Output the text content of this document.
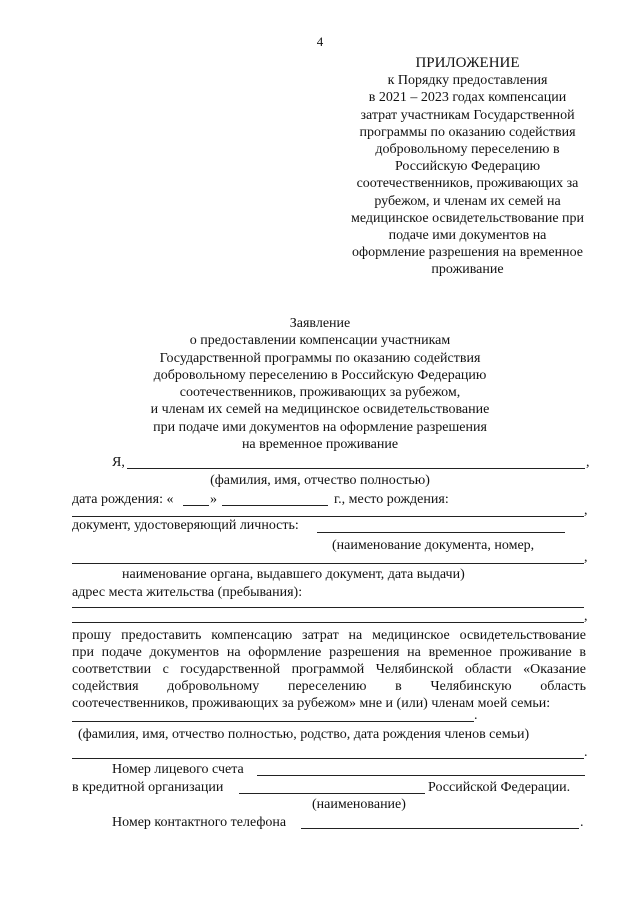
4
ПРИЛОЖЕНИЕ
к Порядку предоставления
в 2021 – 2023 годах компенсации
затрат участникам Государственной
программы по оказанию содействия
добровольному переселению в
Российскую Федерацию
соотечественников, проживающих за
рубежом, и членам их семей на
медицинское освидетельствование при
подаче ими документов на
оформление разрешения на временное
проживание
Заявление
о предоставлении компенсации участникам
Государственной программы по оказанию содействия
добровольному переселению в Российскую Федерацию
соотечественников, проживающих за рубежом,
и членам их семей на медицинское освидетельствование
при подаче ими документов на оформление разрешения
на временное проживание
Я,	,
(фамилия, имя, отчество полностью)
дата рождения: «	»	г., место рождения:
,
документ, удостоверяющий личность:
(наименование документа, номер,
,
наименование органа, выдавшего документ, дата выдачи)
адрес места жительства (пребывания):
,
прошу предоставить компенсацию затрат на медицинское освидетельствование
при подаче документов на оформление разрешения на временное проживание в
соответствии с государственной программой Челябинской области «Оказание
содействия добровольному переселению в Челябинскую область
соотечественников, проживающих за рубежом» мне и (или) членам моей семьи:
.
(фамилия, имя, отчество полностью, родство, дата рождения членов семьи)
.
Номер лицевого счета
в кредитной организации	Российской Федерации.
(наименование)
Номер контактного телефона	.
